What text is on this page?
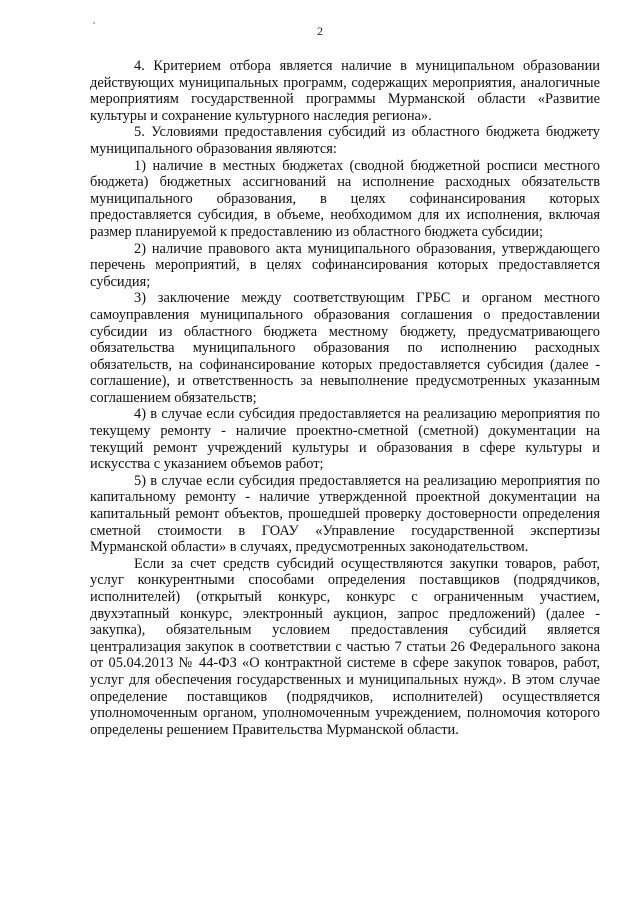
2

4. Критерием отбора является наличие в муниципальном образовании действующих муниципальных программ, содержащих мероприятия, аналогичные мероприятиям государственной программы Мурманской области «Развитие культуры и сохранение культурного наследия региона».

5. Условиями предоставления субсидий из областного бюджета бюджету муниципального образования являются:

1) наличие в местных бюджетах (сводной бюджетной росписи местного бюджета) бюджетных ассигнований на исполнение расходных обязательств муниципального образования, в целях софинансирования которых предоставляется субсидия, в объеме, необходимом для их исполнения, включая размер планируемой к предоставлению из областного бюджета субсидии;

2) наличие правового акта муниципального образования, утверждающего перечень мероприятий, в целях софинансирования которых предоставляется субсидия;

3) заключение между соответствующим ГРБС и органом местного самоуправления муниципального образования соглашения о предоставлении субсидии из областного бюджета местному бюджету, предусматривающего обязательства муниципального образования по исполнению расходных обязательств, на софинансирование которых предоставляется субсидия (далее - соглашение), и ответственность за невыполнение предусмотренных указанным соглашением обязательств;

4) в случае если субсидия предоставляется на реализацию мероприятия по текущему ремонту - наличие проектно-сметной (сметной) документации на текущий ремонт учреждений культуры и образования в сфере культуры и искусства с указанием объемов работ;

5) в случае если субсидия предоставляется на реализацию мероприятия по капитальному ремонту - наличие утвержденной проектной документации на капитальный ремонт объектов, прошедшей проверку достоверности определения сметной стоимости в ГОАУ «Управление государственной экспертизы Мурманской области» в случаях, предусмотренных законодательством.

Если за счет средств субсидий осуществляются закупки товаров, работ, услуг конкурентными способами определения поставщиков (подрядчиков, исполнителей) (открытый конкурс, конкурс с ограниченным участием, двухэтапный конкурс, электронный аукцион, запрос предложений) (далее - закупка), обязательным условием предоставления субсидий является централизация закупок в соответствии с частью 7 статьи 26 Федерального закона от 05.04.2013 № 44-ФЗ «О контрактной системе в сфере закупок товаров, работ, услуг для обеспечения государственных и муниципальных нужд». В этом случае определение поставщиков (подрядчиков, исполнителей) осуществляется уполномоченным органом, уполномоченным учреждением, полномочия которого определены решением Правительства Мурманской области.
